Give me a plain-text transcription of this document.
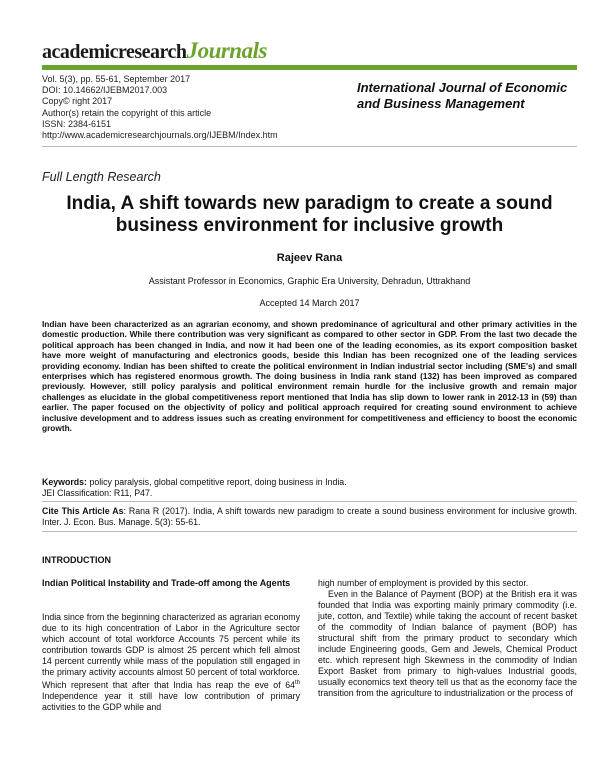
academicresearchJournals
Vol. 5(3), pp. 55-61, September 2017
DOI: 10.14662/IJEBM2017.003
Copy© right 2017
Author(s) retain the copyright of this article
ISSN: 2384-6151
http://www.academicresearchjournals.org/IJEBM/Index.htm
International Journal of Economic and Business Management
Full Length Research
India, A shift towards new paradigm to create a sound business environment for inclusive growth
Rajeev Rana
Assistant Professor in Economics, Graphic Era University, Dehradun, Uttrakhand
Accepted 14 March 2017
Indian have been characterized as an agrarian economy, and shown predominance of agricultural and other primary activities in the domestic production. While there contribution was very significant as compared to other sector in GDP. From the last two decade the political approach has been changed in India, and now it had been one of the leading economies, as its export composition basket have more weight of manufacturing and electronics goods, beside this Indian has been recognized one of the leading services providing economy. Indian has been shifted to create the political environment in Indian industrial sector including (SME's) and small enterprises which has registered enormous growth. The doing business in India rank stand (132) has been improved as compared previously. However, still policy paralysis and political environment remain hurdle for the inclusive growth and remain major challenges as elucidate in the global competitiveness report mentioned that India has slip down to lower rank in 2012-13 in (59) than earlier. The paper focused on the objectivity of policy and political approach required for creating sound environment to achieve inclusive development and to address issues such as creating environment for competitiveness and efficiency to boost the economic growth.
Keywords: policy paralysis, global competitive report, doing business in India.
JEI Classification: R11, P47.
Cite This Article As: Rana R (2017). India, A shift towards new paradigm to create a sound business environment for inclusive growth. Inter. J. Econ. Bus. Manage. 5(3): 55-61.
INTRODUCTION
Indian Political Instability and Trade-off among the Agents
India since from the beginning characterized as agrarian economy due to its high concentration of Labor in the Agriculture sector which account of total workforce Accounts 75 percent while its contribution towards GDP is almost 25 percent which fell almost 14 percent currently while mass of the population still engaged in the primary activity accounts almost 50 percent of total workforce. Which represent that after that India has reap the eve of 64th Independence year it still have low contribution of primary activities to the GDP while and
high number of employment is provided by this sector.
Even in the Balance of Payment (BOP) at the British era it was founded that India was exporting mainly primary commodity (i.e. jute, cotton, and Textile) while taking the account of recent basket of the commodity of Indian balance of payment (BOP) has structural shift from the primary product to secondary which include Engineering goods, Gem and Jewels, Chemical Product etc. which represent high Skewness in the commodity of Indian Export Basket from primary to high-values Industrial goods, usually economics text theory tell us that as the economy face the transition from the agriculture to industrialization or the process of
